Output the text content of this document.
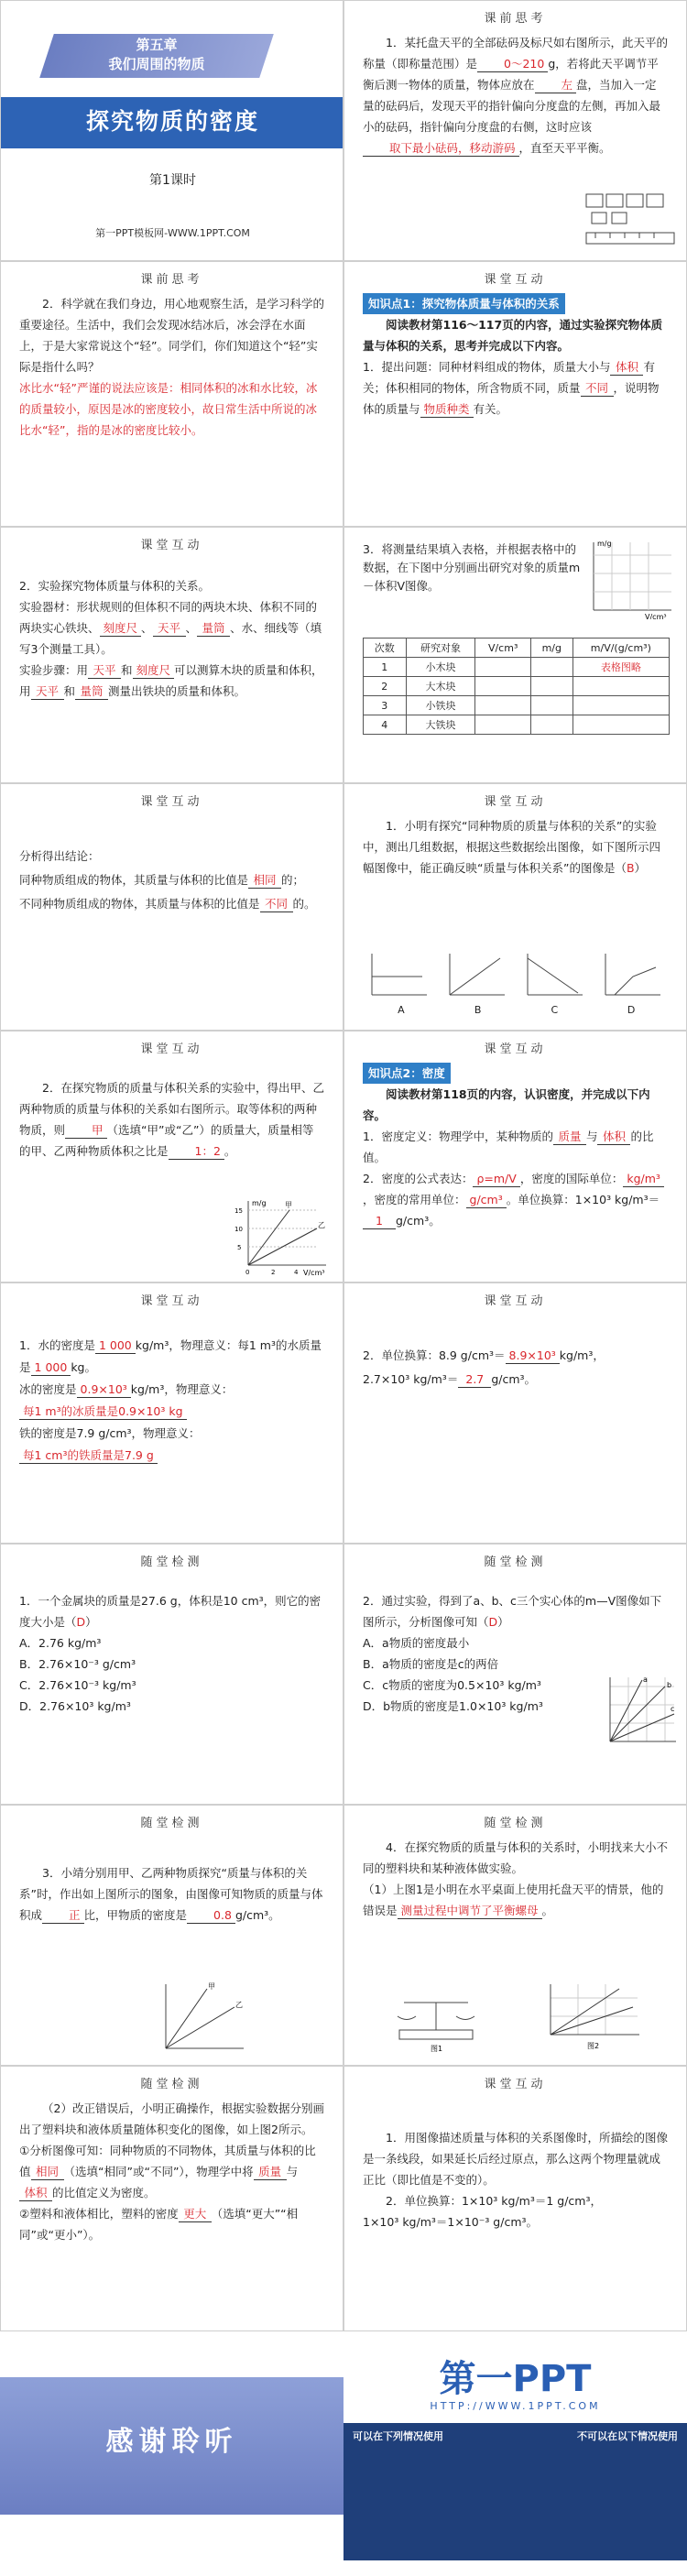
第五章
我们周围的物质
探究物质的密度
第1课时
第一PPT模板网-WWW.1PPT.COM
课前思考

1．某托盘天平的全部砝码及标尺如右图所示，此天平的称量（即称量范围）是 0～210 g，若将此天平调节平衡后测一物体的质量，物体应放在 左 盘，当加入一定量的砝码后，发现天平的指针偏向分度盘的左侧，再加入最小的砝码，指针偏向分度盘的右侧，这时应该取下最小砝码，移动游码 ，直至天平平衡。

课前思考

2．科学就在我们身边，用心地观察生活，是学习科学的重要途径。生活中，我们会发现冰结冰后，冰会浮在水面上，于是大家常说这个“轻”。同学们，你们知道这个“轻”实际是指什么吗？

冰比水“轻”严谨的说法应该是：相同体积的冰和水比较，冰的质量较小，原因是冰的密度较小，故日常生活中所说的冰比水“轻”，指的是冰的密度比较小。

课堂互动

知识点1：探究物体质量与体积的关系

阅读教材第116～117页的内容，通过实验探究物体质量与体积的关系，思考并完成以下内容。

1．提出问题：同种材料组成的物体，质量大小与 体积 有关；体积相同的物体，所含物质不同，质量 不同 ，说明物体的质量与 物质种类 有关。

课堂互动

2．实验探究物体质量与体积的关系。

实验器材：形状规则的但体积不同的两块木块、体积不同的两块实心铁块、 刻度尺 、 天平 、 量筒 、水、细线等（填写3个测量工具）。

实验步骤：用 天平 和 刻度尺 可以测算木块的质量和体积，用 天平 和 量筒 测量出铁块的质量和体积。

3．将测量结果填入表格，并根据表格中的数据，在下图中分别画出研究对象的质量m－体积V图像。

m/g
V/cm³
次数	研究对象	V/cm³	m/g	m/V/(g/cm³)
1	小木块			表格图略
2	大木块			
3	小铁块			
4	大铁块			
课堂互动

分析得出结论：

同种物质组成的物体，其质量与体积的比值是 相同 的；

不同种物质组成的物体，其质量与体积的比值是 不同 的。

课堂互动

1．小明有探究“同种物质的质量与体积的关系”的实验中，测出几组数据，根据这些数据绘出图像，如下图所示四幅图像中，能正确反映“质量与体积关系”的图像是（B）

A	B	C	D
课堂互动

2．在探究物质的质量与体积关系的实验中，得出甲、乙两种物质的质量与体积的关系如右图所示。取等体积的两种物质，则 甲 （选填“甲”或“乙”）的质量大，质量相等的甲、乙两种物质体积之比是 1：2 。

m/g
V/cm³
甲
乙
5
10
15
0	2	4
课堂互动

知识点2：密度

阅读教材第118页的内容，认识密度，并完成以下内容。

1．密度定义：物理学中，某种物质的 质量 与 体积 的比值。

2．密度的公式表达： ρ=m/V ，密度的国际单位： kg/m³，密度的常用单位： g/cm³ 。单位换算：1×10³ kg/m³＝1 g/cm³。

课堂互动

1．水的密度是 1 000 kg/m³，物理意义：每1 m³的水质量是 1 000 kg。

冰的密度是 0.9×10³ kg/m³，物理意义：

每1 m³的冰质量是0.9×10³ kg

铁的密度是7.9 g/cm³，物理意义：

每1 cm³的铁质量是7.9 g

课堂互动

2．单位换算：8.9 g/cm³＝ 8.9×10³ kg/m³，

2.7×10³ kg/m³＝ 2.7 g/cm³。

随堂检测

1．一个金属块的质量是27.6 g，体积是10 cm³，则它的密度大小是（D）

A．2.76 kg/m³

B．2.76×10⁻³ g/cm³

C．2.76×10⁻³ kg/m³

D．2.76×10³ kg/m³

随堂检测

2．通过实验，得到了a、b、c三个实心体的m—V图像如下图所示，分析图像可知（D）

A．a物质的密度最小

B．a物质的密度是c的两倍

C．c物质的密度为0.5×10³ kg/m³

D．b物质的密度是1.0×10³ kg/m³

a
b
c
随堂检测

3．小靖分别用甲、乙两种物质探究“质量与体积的关系”时，作出如上图所示的图象，由图像可知物质的质量与体积成 正 比，甲物质的密度是 0.8 g/cm³。

甲
乙
随堂检测

4．在探究物质的质量与体积的关系时，小明找来大小不同的塑料块和某种液体做实验。

（1）上图1是小明在水平桌面上使用托盘天平的情景，他的错误是 测量过程中调节了平衡螺母 。

图1	图2
随堂检测

（2）改正错误后，小明正确操作，根据实验数据分别画出了塑料块和液体质量随体积变化的图像，如上图2所示。

①分析图像可知：同种物质的不同物体，其质量与体积的比值 相同 （选填“相同”或“不同”），物理学中将 质量 与体积 的比值定义为密度。

②塑料和液体相比，塑料的密度 更大 （选填“更大”“相同”或“更小”）。

课堂互动

1．用图像描述质量与体积的关系图像时，所描绘的图像是一条线段，如果延长后经过原点，那么这两个物理量就成正比（即比值是不变的）。

2．单位换算：1×10³ kg/m³＝1 g/cm³，

1×10³ kg/m³＝1×10⁻³ g/cm³。

感谢聆听
第一PPT
HTTP://WWW.1PPT.COM
可以在下列情况使用	不可以在以下情况使用
